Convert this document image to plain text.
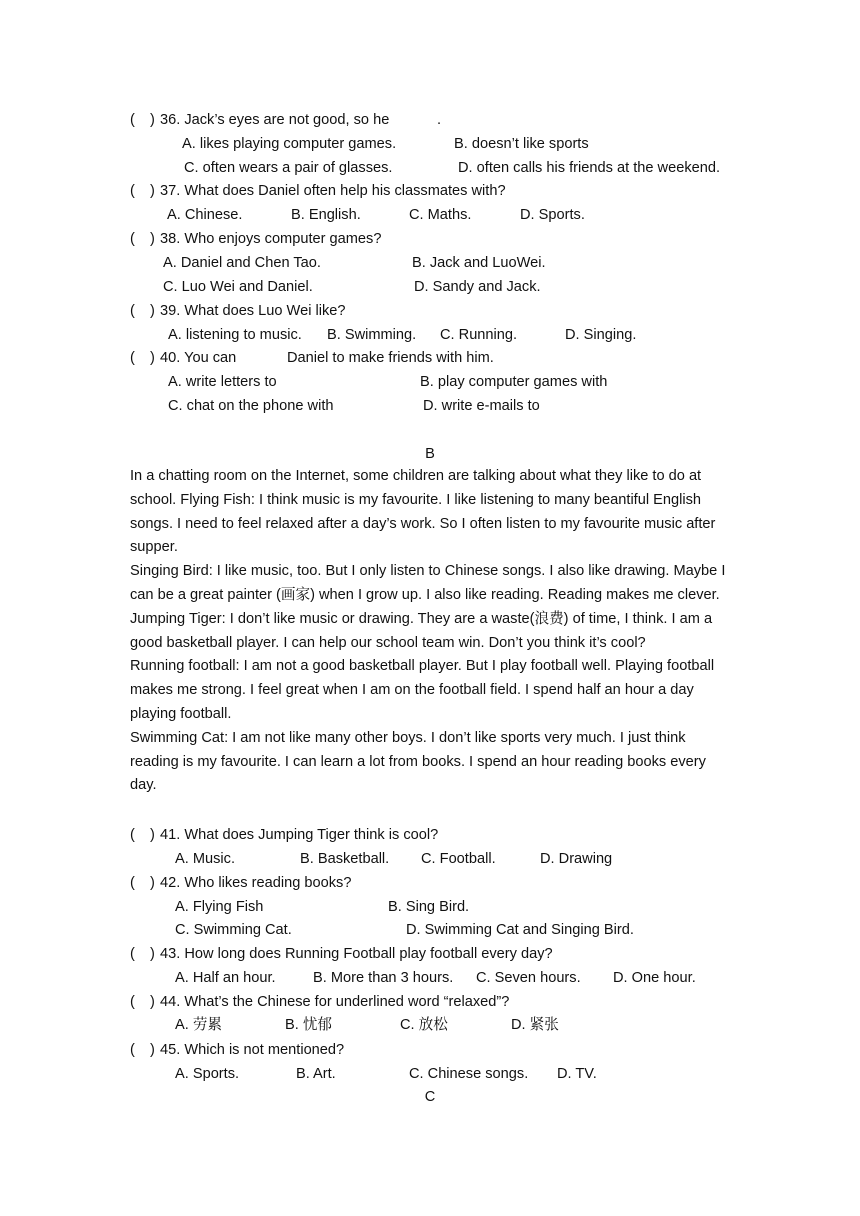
( ) 36. Jack’s eyes are not good, so he	.
A. likes playing computer games.	B. doesn’t like sports
C. often wears a pair of glasses.	D. often calls his friends at the weekend.
( ) 37. What does Daniel often help his classmates with?
A. Chinese.	B. English.	C. Maths.	D. Sports.
( ) 38. Who enjoys computer games?
A. Daniel and Chen Tao.	B. Jack and LuoWei.
C. Luo Wei and Daniel.	D. Sandy and Jack.
( ) 39. What does Luo Wei like?
A. listening to music. B. Swimming. C. Running.	D. Singing.
( ) 40. You can	Daniel to make friends with him.
A. write letters to	B. play computer games with
C. chat on the phone with	D. write e-mails to
B

In a chatting room on the Internet, some children are talking about what they like to do at school. Flying Fish: I think music is my favourite. I like listening to many beantiful English songs. I need to feel relaxed after a day’s work. So I often listen to my favourite music after supper.

Singing Bird: I like music, too. But I only listen to Chinese songs. I also like drawing. Maybe I can be a great painter (画家) when I grow up. I also like reading. Reading makes me clever.

Jumping Tiger: I don’t like music or drawing. They are a waste(浪费) of time, I think. I am a good basketball player. I can help our school team win. Don’t you think it’s cool?

Running football: I am not a good basketball player. But I play football well. Playing football makes me strong. I feel great when I am on the football field. I spend half an hour a day playing football.

Swimming Cat: I am not like many other boys. I don’t like sports very much. I just think reading is my favourite. I can learn a lot from books. I spend an hour reading books every day.

( ) 41. What does Jumping Tiger think is cool?
A. Music.	B. Basketball. C. Football.	D. Drawing
( ) 42. Who likes reading books?
A. Flying Fish	B. Sing Bird.
C. Swimming Cat.	D. Swimming Cat and Singing Bird.
( ) 43. How long does Running Football play football every day?
A. Half an hour.	B. More than 3 hours. C. Seven hours. D. One hour.
( ) 44. What’s the Chinese for underlined word “relaxed”?
A. 劳累	B. 忧郁	C. 放松	D. 紧张
( ) 45. Which is not mentioned?
A. Sports.	B. Art.	C. Chinese songs. D. TV.
C
